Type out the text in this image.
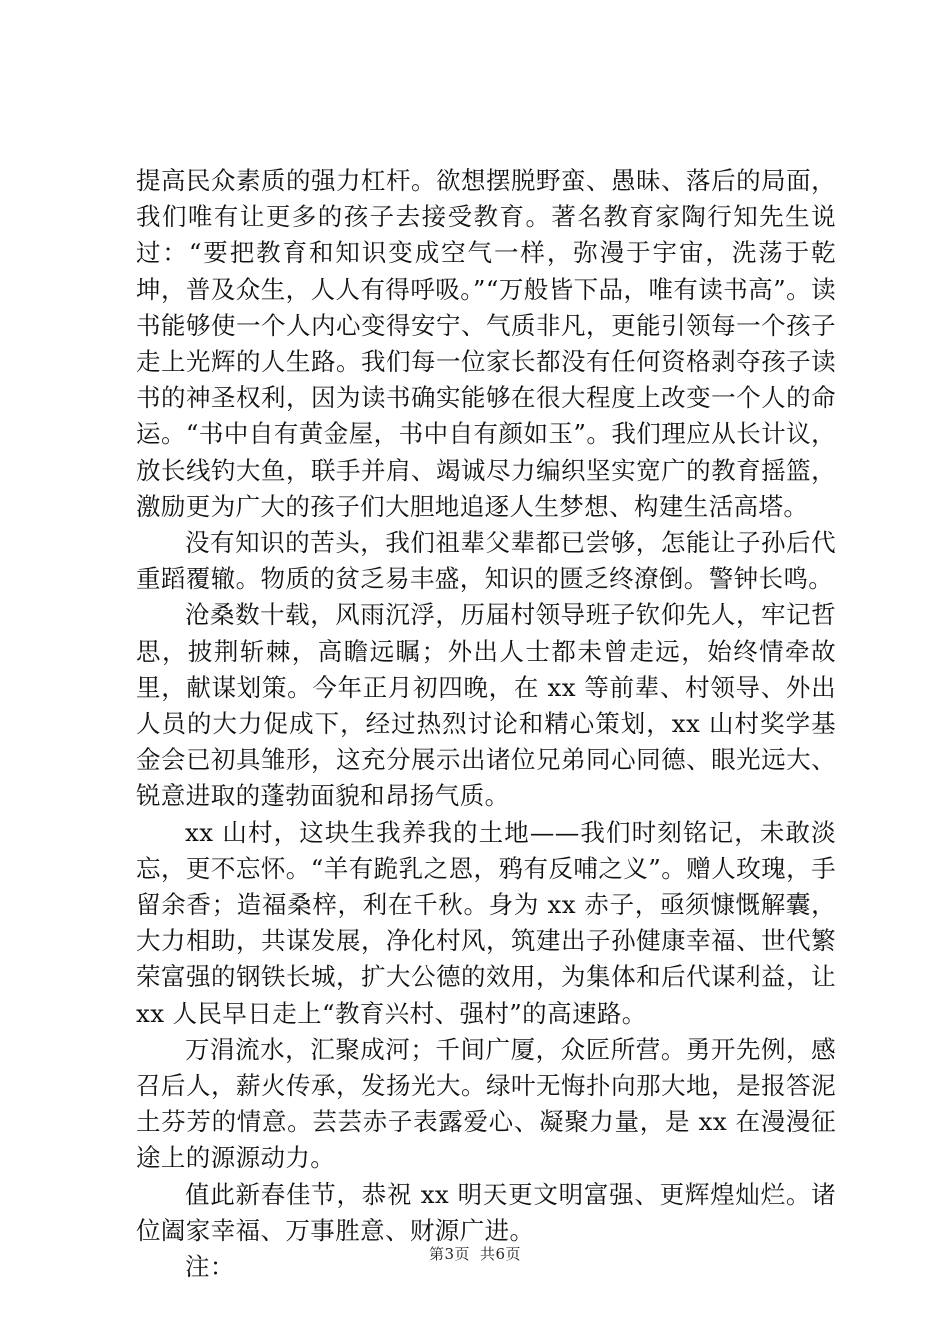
提高民众素质的强力杠杆。欲想摆脱野蛮、愚昧、落后的局面，我们唯有让更多的孩子去接受教育。著名教育家陶行知先生说过：“要把教育和知识变成空气一样，弥漫于宇宙，洗荡于乾坤，普及众生，人人有得呼吸。”“万般皆下品，唯有读书高”。读书能够使一个人内心变得安宁、气质非凡，更能引领每一个孩子走上光辉的人生路。我们每一位家长都没有任何资格剥夺孩子读书的神圣权利，因为读书确实能够在很大程度上改变一个人的命运。“书中自有黄金屋，书中自有颜如玉”。我们理应从长计议，放长线钓大鱼，联手并肩、竭诚尽力编织坚实宽广的教育摇篮，激励更为广大的孩子们大胆地追逐人生梦想、构建生活高塔。

没有知识的苦头，我们祖辈父辈都已尝够，怎能让子孙后代重蹈覆辙。物质的贫乏易丰盛，知识的匮乏终潦倒。警钟长鸣。

沧桑数十载，风雨沉浮，历届村领导班子钦仰先人，牢记哲思，披荆斩棘，高瞻远瞩；外出人士都未曾走远，始终情牵故里，献谋划策。今年正月初四晚，在 xx 等前辈、村领导、外出人员的大力促成下，经过热烈讨论和精心策划，xx 山村奖学基金会已初具雏形，这充分展示出诸位兄弟同心同德、眼光远大、锐意进取的蓬勃面貌和昂扬气质。

xx 山村，这块生我养我的土地——我们时刻铭记，未敢淡忘，更不忘怀。“羊有跪乳之恩，鸦有反哺之义”。赠人玫瑰，手留余香；造福桑梓，利在千秋。身为 xx 赤子，亟须慷慨解囊，大力相助，共谋发展，净化村风，筑建出子孙健康幸福、世代繁荣富强的钢铁长城，扩大公德的效用，为集体和后代谋利益，让 xx 人民早日走上“教育兴村、强村”的高速路。

万涓流水，汇聚成河；千间广厦，众匠所营。勇开先例，感召后人，薪火传承，发扬光大。绿叶无悔扑向那大地，是报答泥土芬芳的情意。芸芸赤子表露爱心、凝聚力量，是 xx 在漫漫征途上的源源动力。

值此新春佳节，恭祝 xx 明天更文明富强、更辉煌灿烂。诸位阖家幸福、万事胜意、财源广进。

注：	第3页 共6页
